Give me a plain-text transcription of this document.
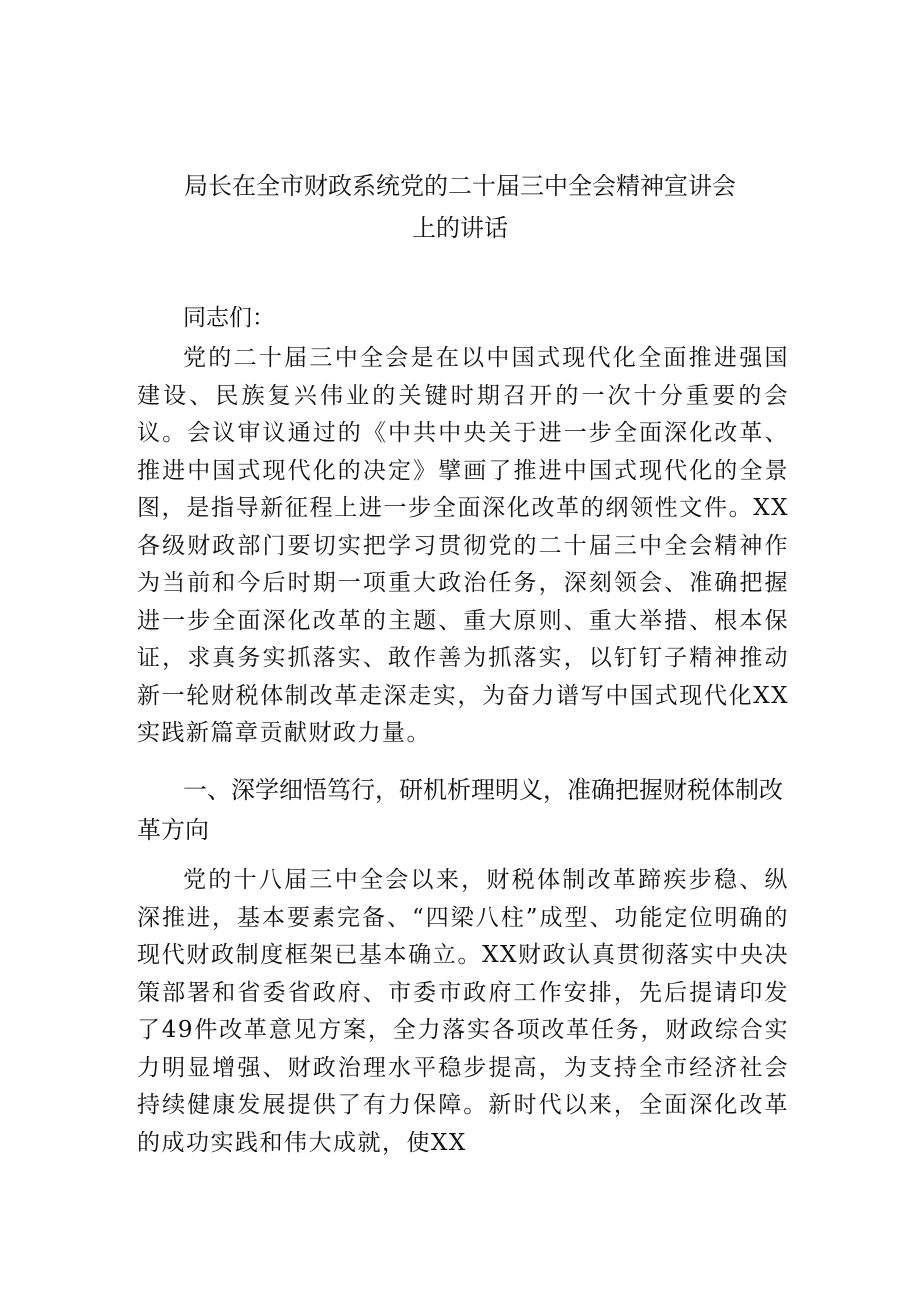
局长在全市财政系统党的二十届三中全会精神宣讲会
上的讲话
同志们：
党的二十届三中全会是在以中国式现代化全面推进强国建设、民族复兴伟业的关键时期召开的一次十分重要的会议。会议审议通过的《中共中央关于进一步全面深化改革、推进中国式现代化的决定》擘画了推进中国式现代化的全景图，是指导新征程上进一步全面深化改革的纲领性文件。XX各级财政部门要切实把学习贯彻党的二十届三中全会精神作为当前和今后时期一项重大政治任务，深刻领会、准确把握进一步全面深化改革的主题、重大原则、重大举措、根本保证，求真务实抓落实、敢作善为抓落实，以钉钉子精神推动新一轮财税体制改革走深走实，为奋力谱写中国式现代化XX实践新篇章贡献财政力量。
一、深学细悟笃行，研机析理明义，准确把握财税体制改革方向
党的十八届三中全会以来，财税体制改革蹄疾步稳、纵深推进，基本要素完备、“四梁八柱”成型、功能定位明确的现代财政制度框架已基本确立。XX财政认真贯彻落实中央决策部署和省委省政府、市委市政府工作安排，先后提请印发了49件改革意见方案，全力落实各项改革任务，财政综合实力明显增强、财政治理水平稳步提高，为支持全市经济社会持续健康发展提供了有力保障。新时代以来，全面深化改革的成功实践和伟大成就，使XX
